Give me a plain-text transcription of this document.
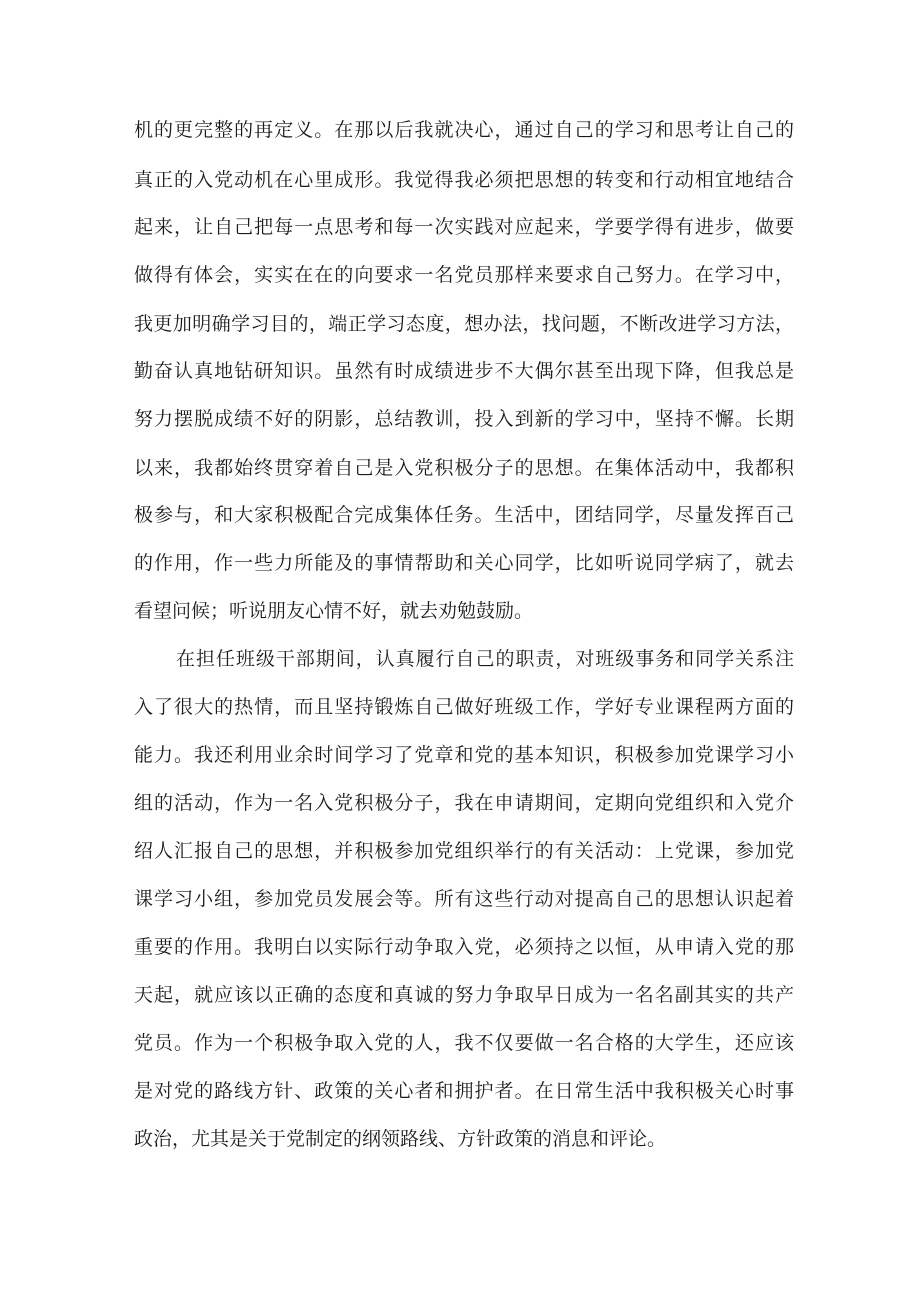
机的更完整的再定义。在那以后我就决心，通过自己的学习和思考让自己的
真正的入党动机在心里成形。我觉得我必须把思想的转变和行动相宜地结合
起来，让自己把每一点思考和每一次实践对应起来，学要学得有进步，做要
做得有体会，实实在在的向要求一名党员那样来要求自己努力。在学习中，
我更加明确学习目的，端正学习态度，想办法，找问题，不断改进学习方法，
勤奋认真地钻研知识。虽然有时成绩进步不大偶尔甚至出现下降，但我总是
努力摆脱成绩不好的阴影，总结教训，投入到新的学习中，坚持不懈。长期
以来，我都始终贯穿着自己是入党积极分子的思想。在集体活动中，我都积
极参与，和大家积极配合完成集体任务。生活中，团结同学，尽量发挥百己
的作用，作一些力所能及的事情帮助和关心同学，比如听说同学病了，就去
看望问候；听说朋友心情不好，就去劝勉鼓励。
在担任班级干部期间，认真履行自己的职责，对班级事务和同学关系注
入了很大的热情，而且坚持锻炼自己做好班级工作，学好专业课程两方面的
能力。我还利用业余时间学习了党章和党的基本知识，积极参加党课学习小
组的活动，作为一名入党积极分子，我在申请期间，定期向党组织和入党介
绍人汇报自己的思想，并积极参加党组织举行的有关活动：上党课，参加党
课学习小组，参加党员发展会等。所有这些行动对提高自己的思想认识起着
重要的作用。我明白以实际行动争取入党，必须持之以恒，从申请入党的那
天起，就应该以正确的态度和真诚的努力争取早日成为一名名副其实的共产
党员。作为一个积极争取入党的人，我不仅要做一名合格的大学生，还应该
是对党的路线方针、政策的关心者和拥护者。在日常生活中我积极关心时事
政治，尤其是关于党制定的纲领路线、方针政策的消息和评论。
